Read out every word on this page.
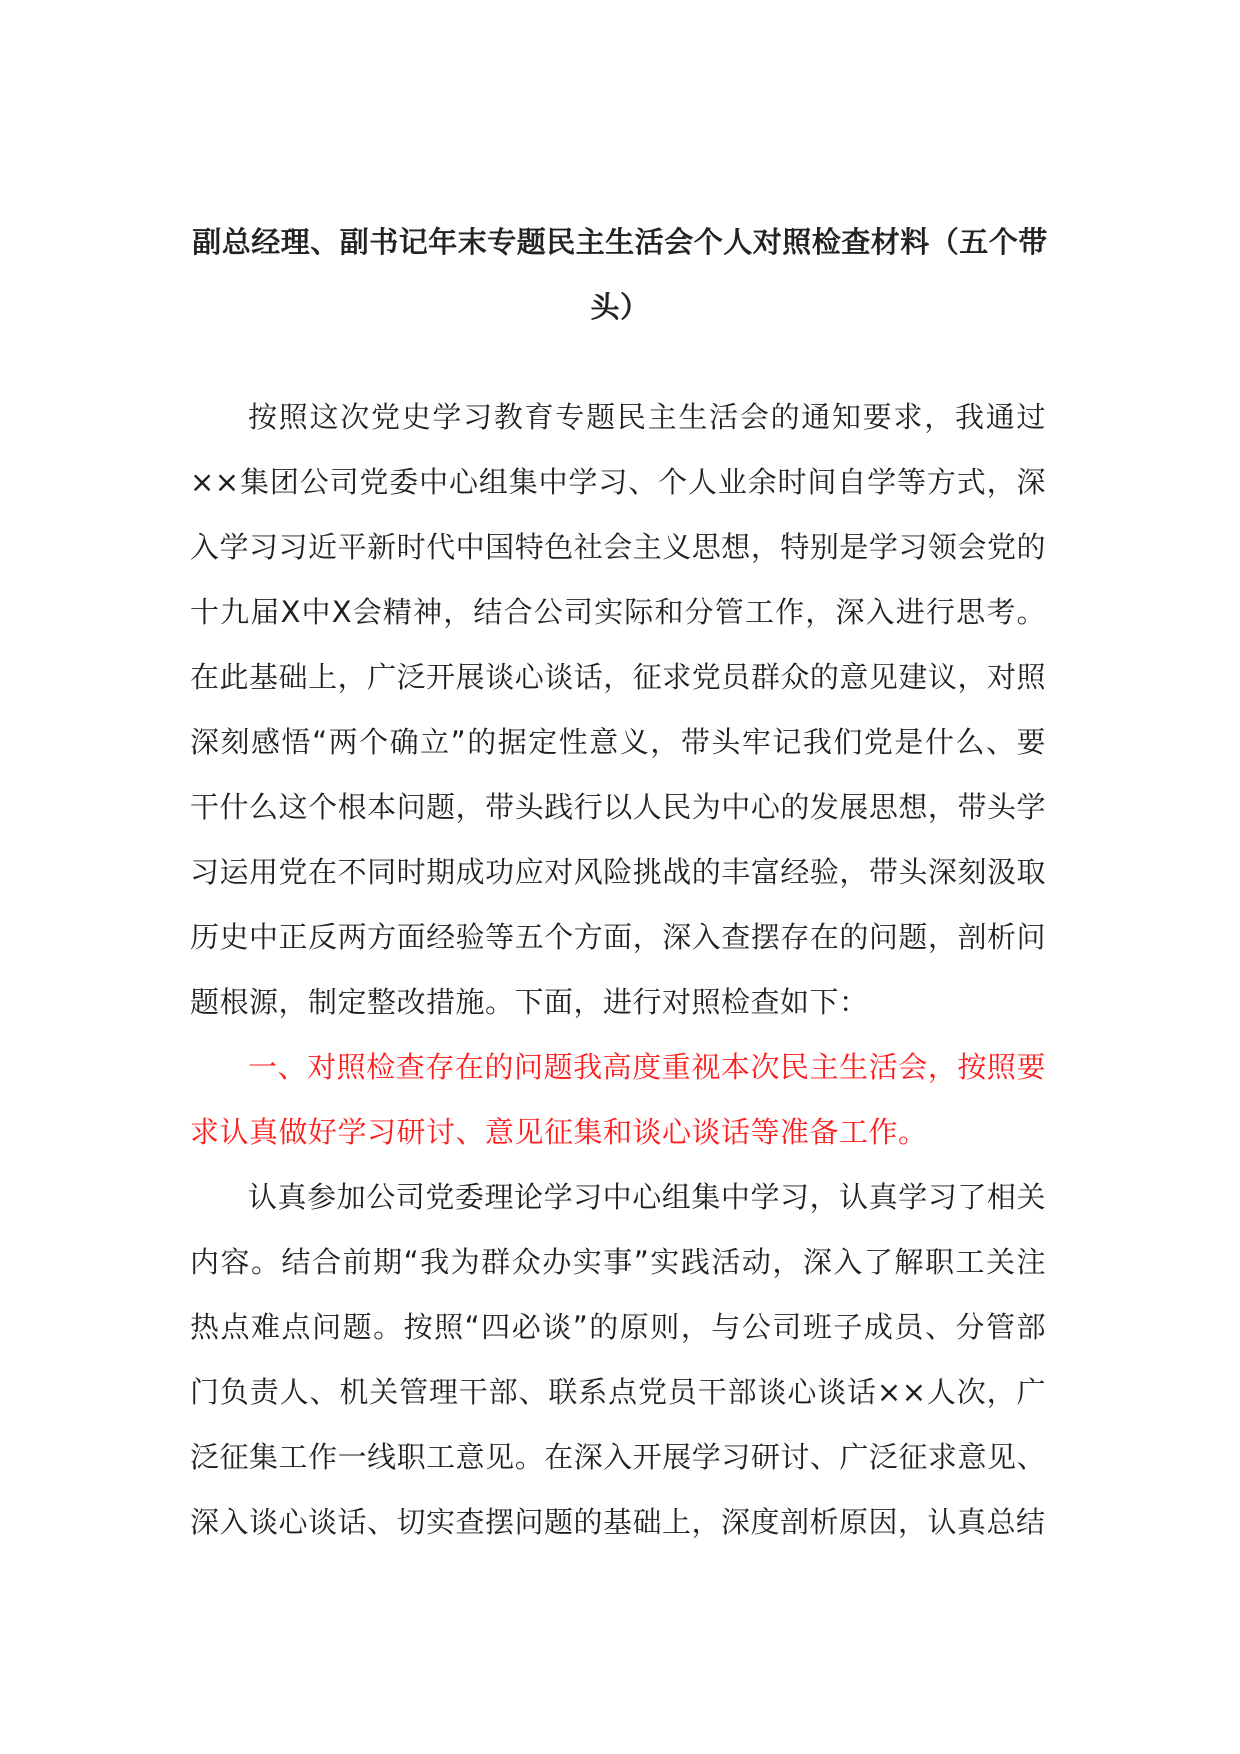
副总经理、副书记年末专题民主生活会个人对照检查材料（五个带头）

按照这次党史学习教育专题民主生活会的通知要求，我通过××集团公司党委中心组集中学习、个人业余时间自学等方式，深入学习习近平新时代中国特色社会主义思想，特别是学习领会党的十九届Ⅹ中Ⅹ会精神，结合公司实际和分管工作，深入进行思考。在此基础上，广泛开展谈心谈话，征求党员群众的意见建议，对照深刻感悟“两个确立”的据定性意义，带头牢记我们党是什么、要干什么这个根本问题，带头践行以人民为中心的发展思想，带头学习运用党在不同时期成功应对风险挑战的丰富经验，带头深刻汲取历史中正反两方面经验等五个方面，深入查摆存在的问题，剖析问题根源，制定整改措施。下面，进行对照检查如下：

一、对照检查存在的问题我高度重视本次民主生活会，按照要求认真做好学习研讨、意见征集和谈心谈话等准备工作。

认真参加公司党委理论学习中心组集中学习，认真学习了相关内容。结合前期“我为群众办实事”实践活动，深入了解职工关注热点难点问题。按照“四必谈”的原则，与公司班子成员、分管部门负责人、机关管理干部、联系点党员干部谈心谈话××人次，广泛征集工作一线职工意见。在深入开展学习研讨、广泛征求意见、深入谈心谈话、切实查摆问题的基础上，深度剖析原因，认真总结
